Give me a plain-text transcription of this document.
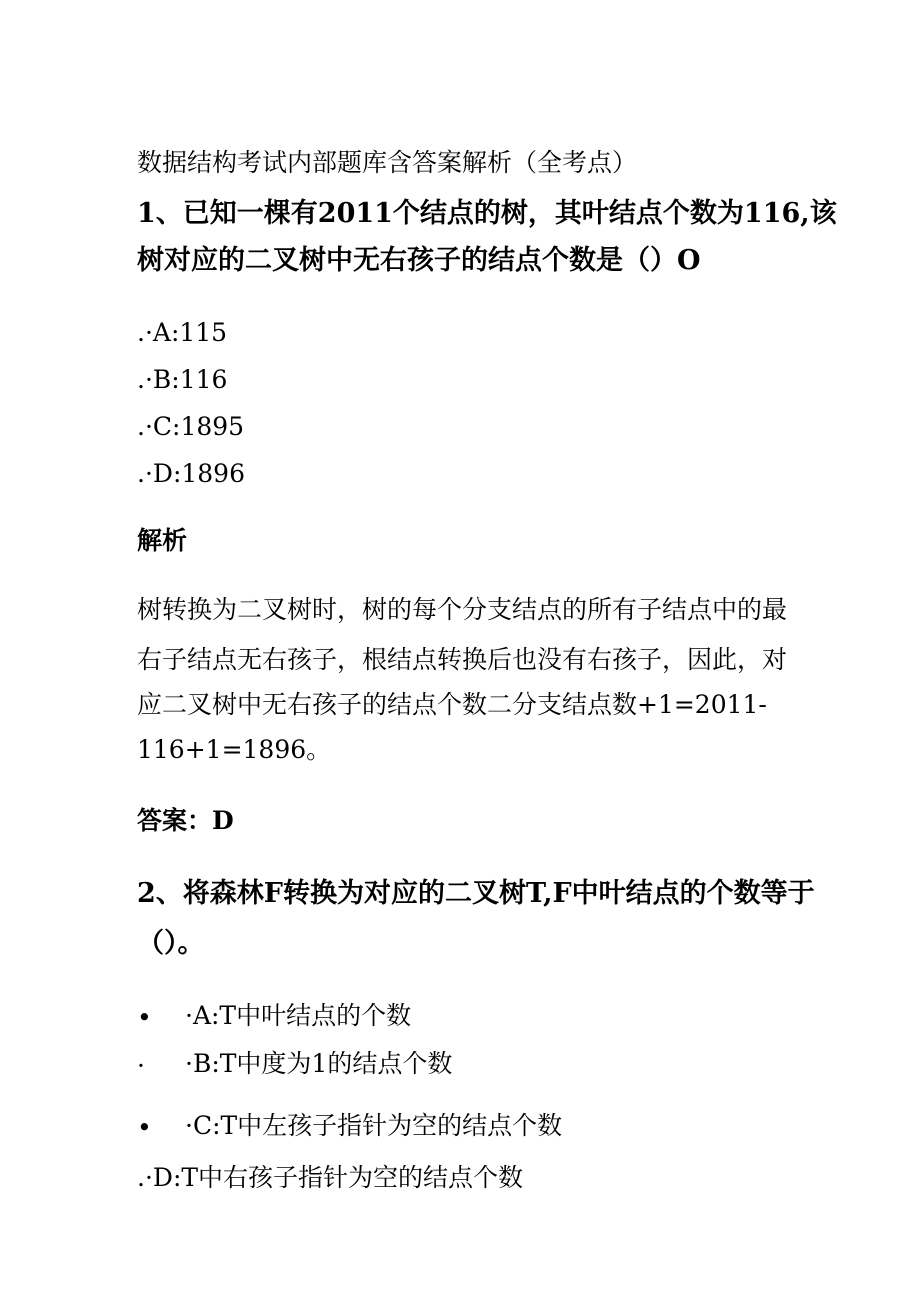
数据结构考试内部题库含答案解析（全考点）
1、已知一棵有2011个结点的树，其叶结点个数为116,该
树对应的二叉树中无右孩子的结点个数是（）O
.·A:115
.·B:116
.·C:1895
.·D:1896
解析
树转换为二叉树时，树的每个分支结点的所有子结点中的最
右子结点无右孩子，根结点转换后也没有右孩子，因此，对
应二叉树中无右孩子的结点个数二分支结点数+1=2011-
116+1=1896。
答案：D
2、将森林F转换为对应的二叉树T,F中叶结点的个数等于
（）。
• ·A:T中叶结点的个数
· ·B:T中度为1的结点个数
• ·C:T中左孩子指针为空的结点个数
.·D:T中右孩子指针为空的结点个数
